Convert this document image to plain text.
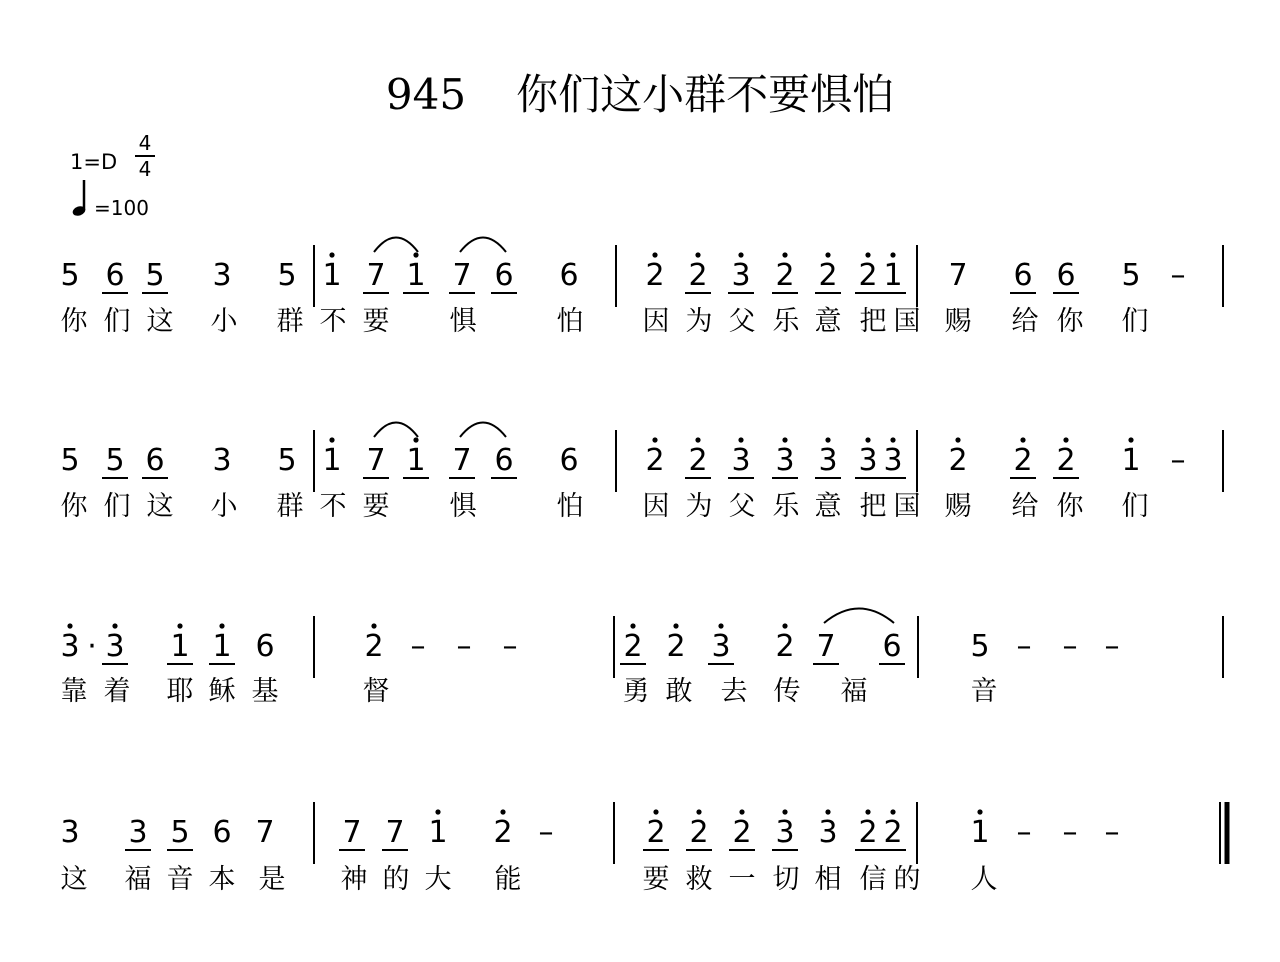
945 你们这小群不要惧怕
1=D
4
4
=100
5 6 5 3 5 1 7 1 7 6 6 2 2 3 2 2 2 1 7 6 6 5 –
你 们 这 小 群 不 要 惧	怕 因 为 父 乐 意 把 国 赐 给 你 们
5 5 6 3 5 1 7 1 7 6 6 2 2 3 3 3 3 3 2 2 2 1 –
你 们 这 小 群 不 要 惧	怕 因 为 父 乐 意 把 国 赐 给 你 们
3 · 3 1 1 6	2 – – –	2 2 3 2 7 6 5 – – –
靠 着 耶 稣 基	督	勇 敢 去 传 福	音
3 3 5 6 7 7 7 1 2 –	2 2 2 3 3 2 2 1 – – –
这 福 音 本 是 神 的 大 能	要 救 一 切 相 信 的 人
